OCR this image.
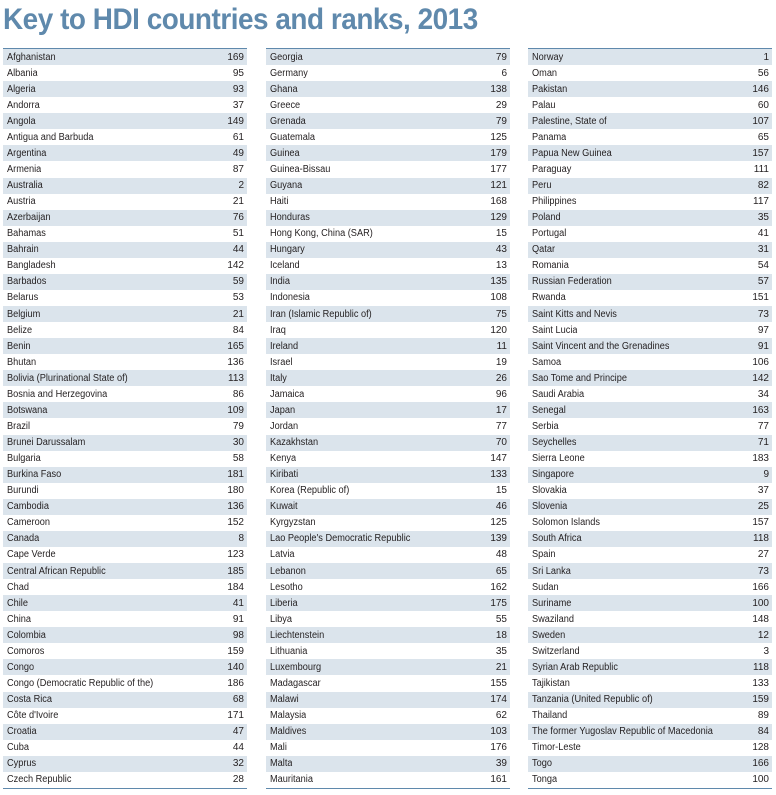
Key to HDI countries and ranks, 2013
Afghanistan	169
Albania	95
Algeria	93
Andorra	37
Angola	149
Antigua and Barbuda	61
Argentina	49
Armenia	87
Australia	2
Austria	21
Azerbaijan	76
Bahamas	51
Bahrain	44
Bangladesh	142
Barbados	59
Belarus	53
Belgium	21
Belize	84
Benin	165
Bhutan	136
Bolivia (Plurinational State of)	113
Bosnia and Herzegovina	86
Botswana	109
Brazil	79
Brunei Darussalam	30
Bulgaria	58
Burkina Faso	181
Burundi	180
Cambodia	136
Cameroon	152
Canada	8
Cape Verde	123
Central African Republic	185
Chad	184
Chile	41
China	91
Colombia	98
Comoros	159
Congo	140
Congo (Democratic Republic of the)	186
Costa Rica	68
Côte d'Ivoire	171
Croatia	47
Cuba	44
Cyprus	32
Czech Republic	28
Georgia	79
Germany	6
Ghana	138
Greece	29
Grenada	79
Guatemala	125
Guinea	179
Guinea-Bissau	177
Guyana	121
Haiti	168
Honduras	129
Hong Kong, China (SAR)	15
Hungary	43
Iceland	13
India	135
Indonesia	108
Iran (Islamic Republic of)	75
Iraq	120
Ireland	11
Israel	19
Italy	26
Jamaica	96
Japan	17
Jordan	77
Kazakhstan	70
Kenya	147
Kiribati	133
Korea (Republic of)	15
Kuwait	46
Kyrgyzstan	125
Lao People's Democratic Republic	139
Latvia	48
Lebanon	65
Lesotho	162
Liberia	175
Libya	55
Liechtenstein	18
Lithuania	35
Luxembourg	21
Madagascar	155
Malawi	174
Malaysia	62
Maldives	103
Mali	176
Malta	39
Mauritania	161
Norway	1
Oman	56
Pakistan	146
Palau	60
Palestine, State of	107
Panama	65
Papua New Guinea	157
Paraguay	111
Peru	82
Philippines	117
Poland	35
Portugal	41
Qatar	31
Romania	54
Russian Federation	57
Rwanda	151
Saint Kitts and Nevis	73
Saint Lucia	97
Saint Vincent and the Grenadines	91
Samoa	106
Sao Tome and Principe	142
Saudi Arabia	34
Senegal	163
Serbia	77
Seychelles	71
Sierra Leone	183
Singapore	9
Slovakia	37
Slovenia	25
Solomon Islands	157
South Africa	118
Spain	27
Sri Lanka	73
Sudan	166
Suriname	100
Swaziland	148
Sweden	12
Switzerland	3
Syrian Arab Republic	118
Tajikistan	133
Tanzania (United Republic of)	159
Thailand	89
The former Yugoslav Republic of Macedonia	84
Timor-Leste	128
Togo	166
Tonga	100
